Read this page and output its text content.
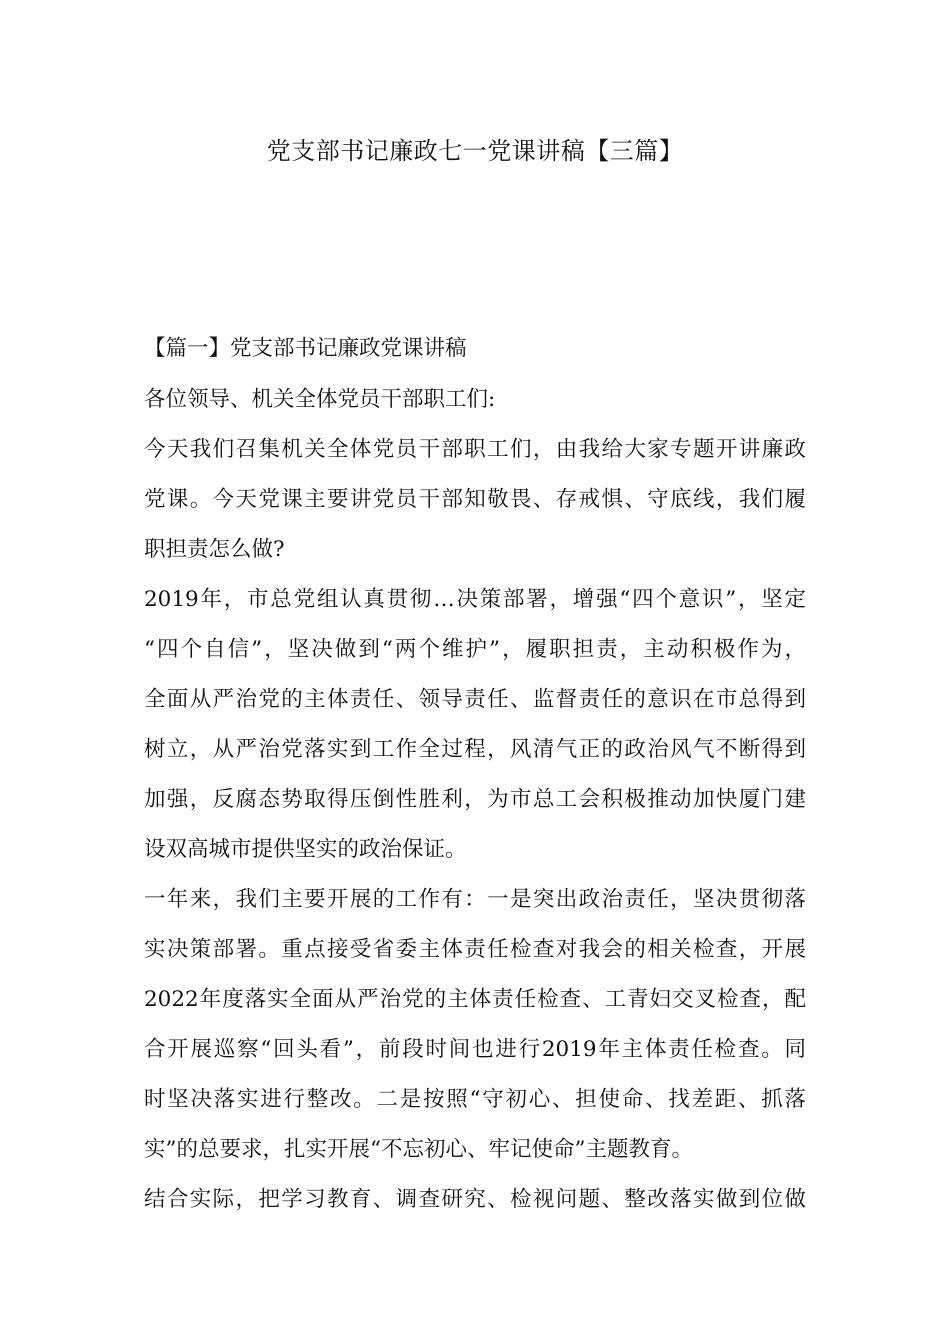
党支部书记廉政七一党课讲稿【三篇】
【篇一】党支部书记廉政党课讲稿
各位领导、机关全体党员干部职工们:
今天我们召集机关全体党员干部职工们，由我给大家专题开讲廉政
党课。今天党课主要讲党员干部知敬畏、存戒惧、守底线，我们履
职担责怎么做?
2019年，市总党组认真贯彻…决策部署，增强“四个意识”，坚定
“四个自信”，坚决做到“两个维护”，履职担责，主动积极作为，
全面从严治党的主体责任、领导责任、监督责任的意识在市总得到
树立，从严治党落实到工作全过程，风清气正的政治风气不断得到
加强，反腐态势取得压倒性胜利，为市总工会积极推动加快厦门建
设双高城市提供坚实的政治保证。
一年来，我们主要开展的工作有：一是突出政治责任，坚决贯彻落
实决策部署。重点接受省委主体责任检查对我会的相关检查，开展
2022年度落实全面从严治党的主体责任检查、工青妇交叉检查，配
合开展巡察“回头看”，前段时间也进行2019年主体责任检查。同
时坚决落实进行整改。二是按照“守初心、担使命、找差距、抓落
实”的总要求，扎实开展“不忘初心、牢记使命”主题教育。
结合实际，把学习教育、调查研究、检视问题、整改落实做到位做
